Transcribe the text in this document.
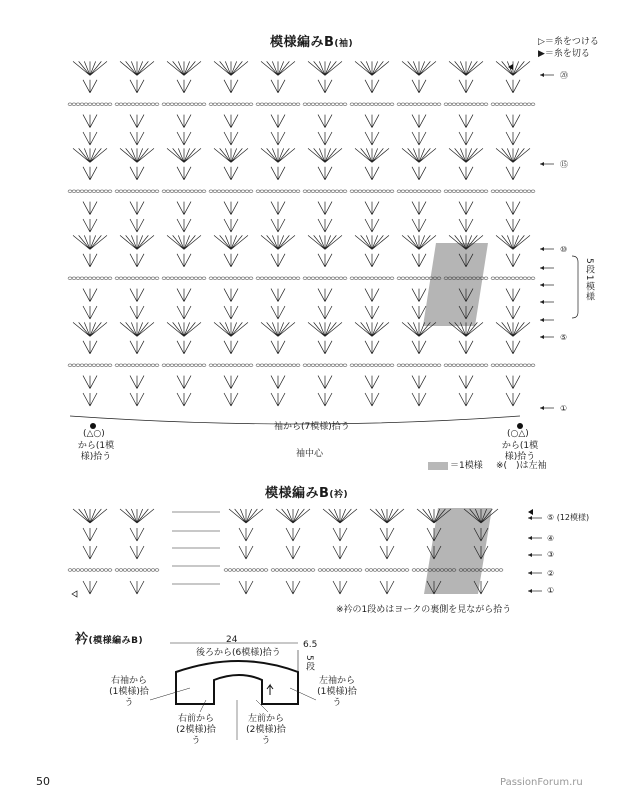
模様編みB(袖)	▷＝糸をつける
▶＝糸を切る
⑳
⑮
⑩
⑤
①
5段1模様
(△○)
から(1模様)拾う
(○△)
から(1模様)拾う
袖から(7模様)拾う
袖中心
＝1模様 ※(　)は左袖
模様編みB(衿)
⑤ (12模様)
④
③
②
①
※衿の1段めはヨークの裏側を見ながら拾う
衿(模様編みB)	24	6.5
5段
後ろから(6模様)拾う
右袖から(1模様)拾う
左袖から(1模様)拾う
右前から(2模様)拾う
左前から(2模様)拾う
50	PassionForum.ru
